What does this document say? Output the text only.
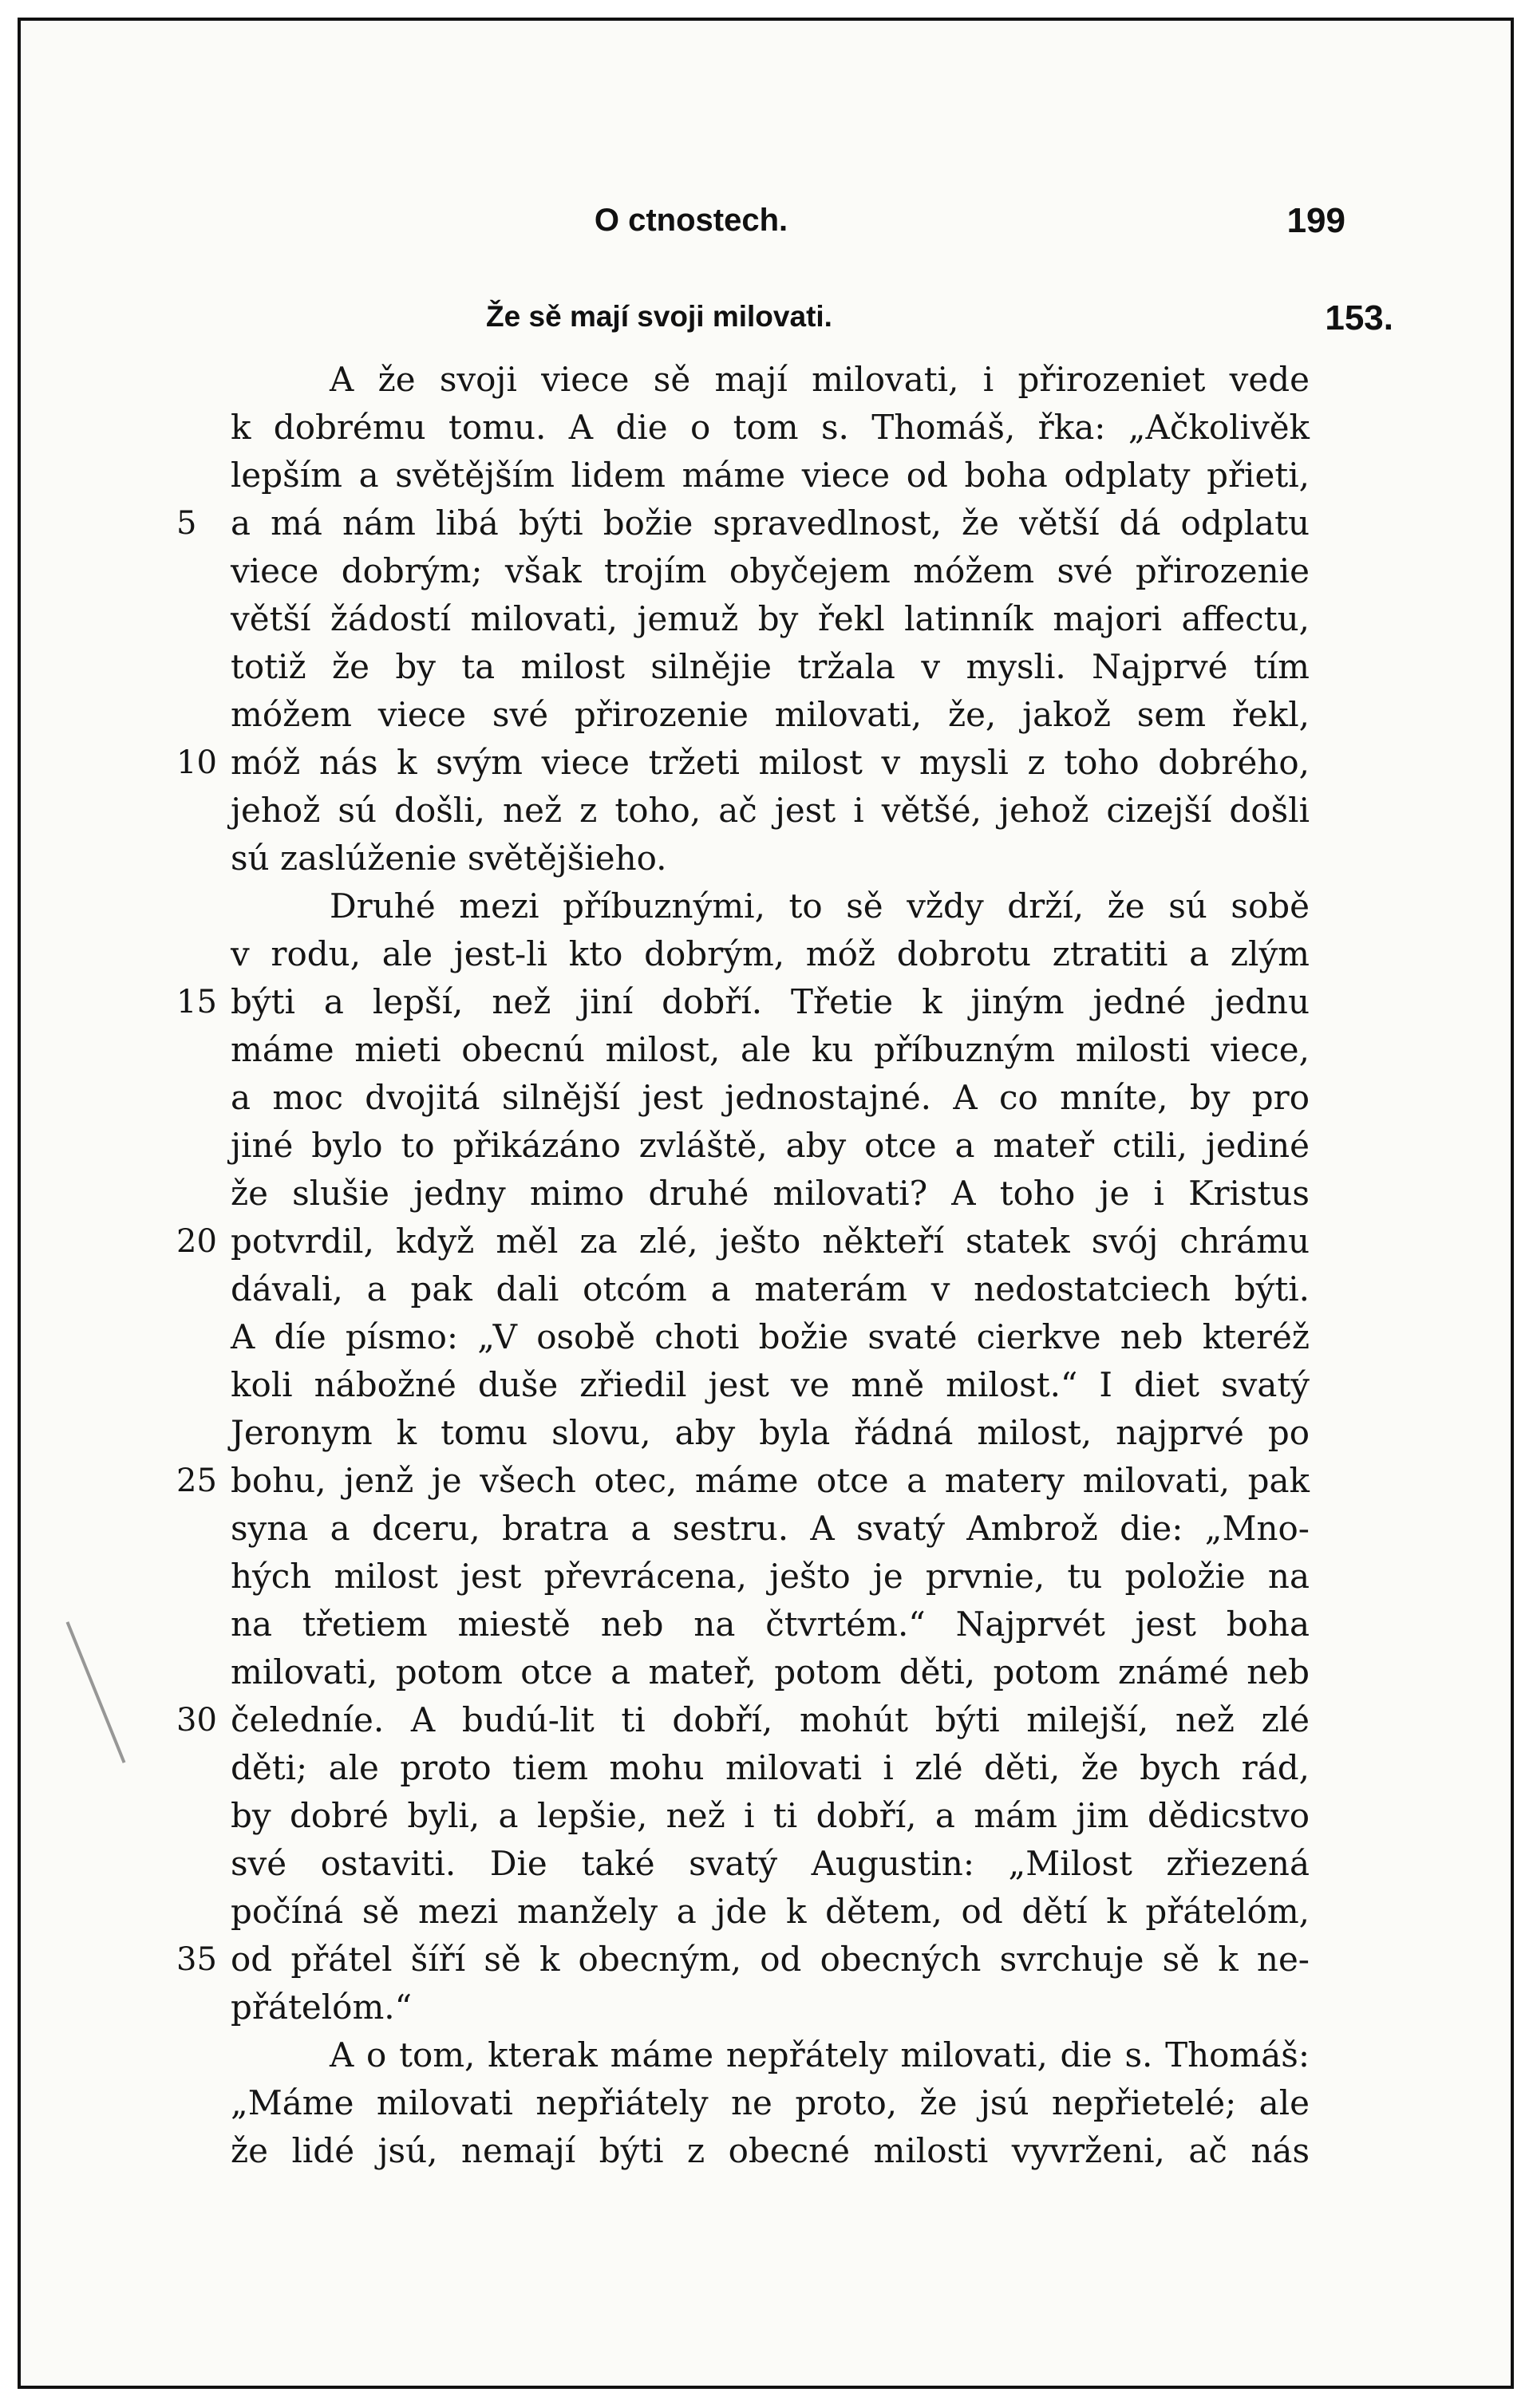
O ctnostech.	199
Že sě mají svoji milovati.	153.
A že svoji viece sě mají milovati, i přirozeniet vede
k dobrému tomu. A die o tom s. Thomáš, řka: „Ačkolivěk
lepším a světějším lidem máme viece od boha odplaty přieti,
a má nám libá býti božie spravedlnost, že větší dá odplatu
viece dobrým; však trojím obyčejem móžem své přirozenie
větší žádostí milovati, jemuž by řekl latinník majori affectu,
totiž že by ta milost silnějie tržala v mysli. Najprvé tím
móžem viece své přirozenie milovati, že, jakož sem řekl,
móž nás k svým viece tržeti milost v mysli z toho dobrého,
jehož sú došli, než z toho, ač jest i většé, jehož cizejší došli
sú zaslúženie světějšieho.
Druhé mezi příbuznými, to sě vždy drží, že sú sobě
v rodu, ale jest-li kto dobrým, móž dobrotu ztratiti a zlým
býti a lepší, než jiní dobří. Třetie k jiným jedné jednu
máme mieti obecnú milost, ale ku příbuzným milosti viece,
a moc dvojitá silnější jest jednostajné. A co mníte, by pro
jiné bylo to přikázáno zvláště, aby otce a mateř ctili, jediné
že slušie jedny mimo druhé milovati? A toho je i Kristus
potvrdil, když měl za zlé, ješto někteří statek svój chrámu
dávali, a pak dali otcóm a materám v nedostatciech býti.
A díe písmo: „V osobě choti božie svaté cierkve neb kteréž
koli nábožné duše zřiedil jest ve mně milost.“ I diet svatý
Jeronym k tomu slovu, aby byla řádná milost, najprvé po
bohu, jenž je všech otec, máme otce a matery milovati, pak
syna a dceru, bratra a sestru. A svatý Ambrož die: „Mno-
hých milost jest převrácena, ješto je prvnie, tu položie na
na třetiem miestě neb na čtvrtém.“ Najprvét jest boha
milovati, potom otce a mateř, potom děti, potom známé neb
čeledníe. A budú-lit ti dobří, mohút býti milejší, než zlé
děti; ale proto tiem mohu milovati i zlé děti, že bych rád,
by dobré byli, a lepšie, než i ti dobří, a mám jim dědicstvo
své ostaviti. Die také svatý Augustin: „Milost zřiezená
počíná sě mezi manžely a jde k dětem, od dětí k přátelóm,
od přátel šíří sě k obecným, od obecných svrchuje sě k ne-
přátelóm.“
A o tom, kterak máme nepřátely milovati, die s. Thomáš:
„Máme milovati nepřiátely ne proto, že jsú nepřietelé; ale
že lidé jsú, nemají býti z obecné milosti vyvrženi, ač nás
5
10
15
20
25
30
35
